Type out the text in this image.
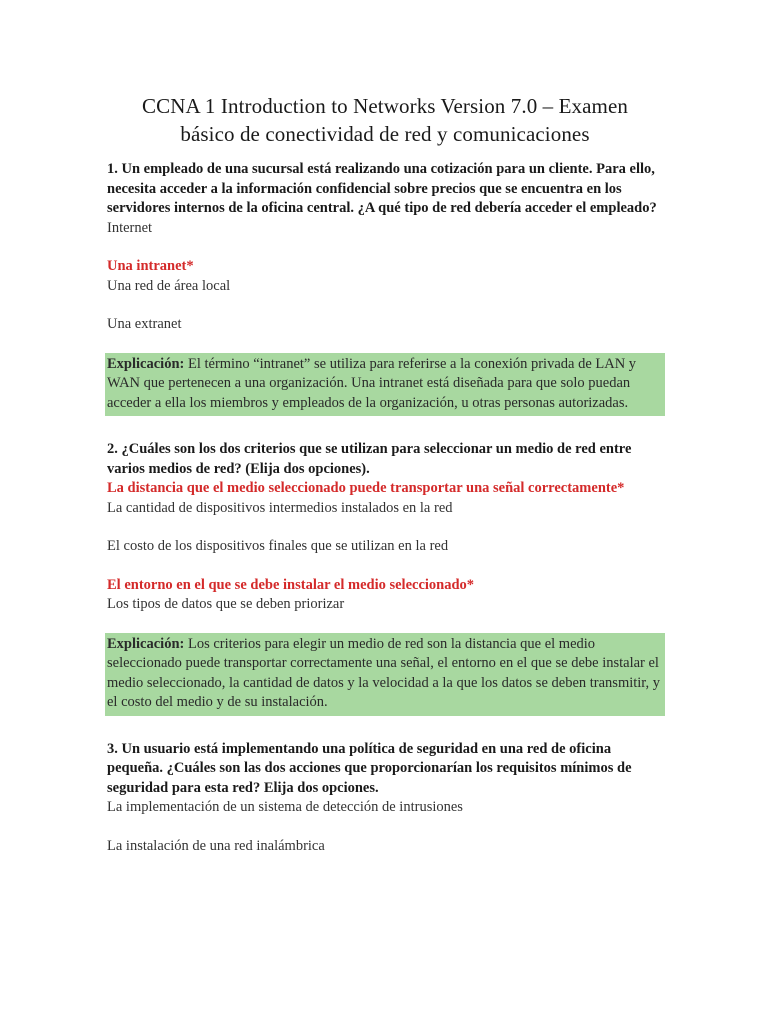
CCNA 1 Introduction to Networks Version 7.0 – Examen
básico de conectividad de red y comunicaciones

1. Un empleado de una sucursal está realizando una cotización para un cliente. Para ello, necesita acceder a la información confidencial sobre precios que se encuentra en los servidores internos de la oficina central. ¿A qué tipo de red debería acceder el empleado?

Internet

Una intranet*

Una red de área local

Una extranet

Explicación: El término “intranet” se utiliza para referirse a la conexión privada de LAN y WAN que pertenecen a una organización. Una intranet está diseñada para que solo puedan acceder a ella los miembros y empleados de la organización, u otras personas autorizadas.

2. ¿Cuáles son los dos criterios que se utilizan para seleccionar un medio de red entre varios medios de red? (Elija dos opciones).

La distancia que el medio seleccionado puede transportar una señal correctamente*

La cantidad de dispositivos intermedios instalados en la red

El costo de los dispositivos finales que se utilizan en la red

El entorno en el que se debe instalar el medio seleccionado*

Los tipos de datos que se deben priorizar

Explicación: Los criterios para elegir un medio de red son la distancia que el medio seleccionado puede transportar correctamente una señal, el entorno en el que se debe instalar el medio seleccionado, la cantidad de datos y la velocidad a la que los datos se deben transmitir, y el costo del medio y de su instalación.

3. Un usuario está implementando una política de seguridad en una red de oficina pequeña. ¿Cuáles son las dos acciones que proporcionarían los requisitos mínimos de seguridad para esta red? Elija dos opciones.

La implementación de un sistema de detección de intrusiones

La instalación de una red inalámbrica
